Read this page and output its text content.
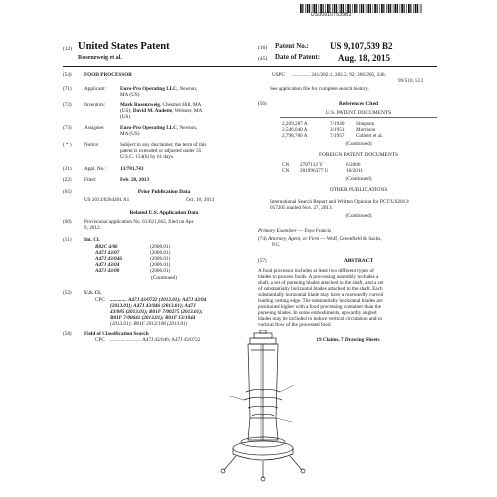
US009107539B2
(12) United States Patent
Rosenzweig et al.
(10) Patent No.: US 9,107,539 B2
(45) Date of Patent: Aug. 18, 2015
(54) FOOD PROCESSOR
(71) Applicant:	Euro-Pro Operating LLC, Newton,
MA (US)
(72) Inventors:	Mark Rosenzweig, Chestnut Hill, MA
(US); David M. Audette, Webster, MA
(US)
(73) Assignee:	Euro-Pro Operating LLC, Newton,
MA (US)
( * ) Notice:	Subject to any disclaimer, the term of this
patent is extended or adjusted under 35
U.S.C. 154(b) by 61 days.
(21) Appl. No.:	13/781,743
(22) Filed:	Feb. 28, 2013
(65)	Prior Publication Data
US 2013/0264401 A1	Oct. 10, 2013
Related U.S. Application Data
(60) Provisional application No. 61/621,662, filed on Apr.
9, 2012.
(51) Int. Cl.
B02C 4/06	(2006.01)
A47J 43/07	(2006.01)
A47J 43/046	(2006.01)
A47J 43/04	(2006.01)
A47J 43/08	(2006.01)
(Continued)
(52) U.S. Cl.
CPC ............. A47J 43/0722 (2013.01); A47J 43/04
(2013.01); A47J 43/046 (2013.01); A47J
43/085 (2013.01); B01F 7/00275 (2013.01);
B01F 7/00641 (2013.01); B01F 13/1044
(2013.01); B01F 2013/108 (2013.01)
(58) Field of Classification Search
CPC ........................ A47J 43/046; A47J 43/0722
USPC .............. 241/282.1, 282.2, 92; 366/205, 246;
99/510, 513
See application file for complete search history.
(56)	References Cited
U.S. PATENT DOCUMENTS
2,209,287 A	7/1940 Simpson
2,546,040 A	3/1951 Morrison
2,798,700 A	7/1957 Colbert et al.
(Continued)
FOREIGN PATENT DOCUMENTS
CN 2787112 Y	6/2006
CN 201996377 U	10/2011
(Continued)
OTHER PUBLICATIONS
International Search Report and Written Opinion for PCT/US2013/
057205 mailed Nov. 27, 2013.
(Continued)
Primary Examiner — Faye Francis
(74) Attorney, Agent, or Firm — Wolf, Greenfield & Sacks,
P.C.
(57)	ABSTRACT
A food processor includes at least two different types of
blades to process foods. A processing assembly includes a
shaft, a set of pureeing blades attached to the shaft, and a set
of substantially horizontal blades attached to the shaft. Each
substantially horizontal blade may have a rearwardly curved
leading cutting edge. The substantially horizontal blades are
positioned higher with a food processing container than the
pureeing blades. In some embodiments, upwardly angled
blades may be included to induce vertical circulation and/or
vortical flow of the processed food.
19 Claims, 7 Drawing Sheets
